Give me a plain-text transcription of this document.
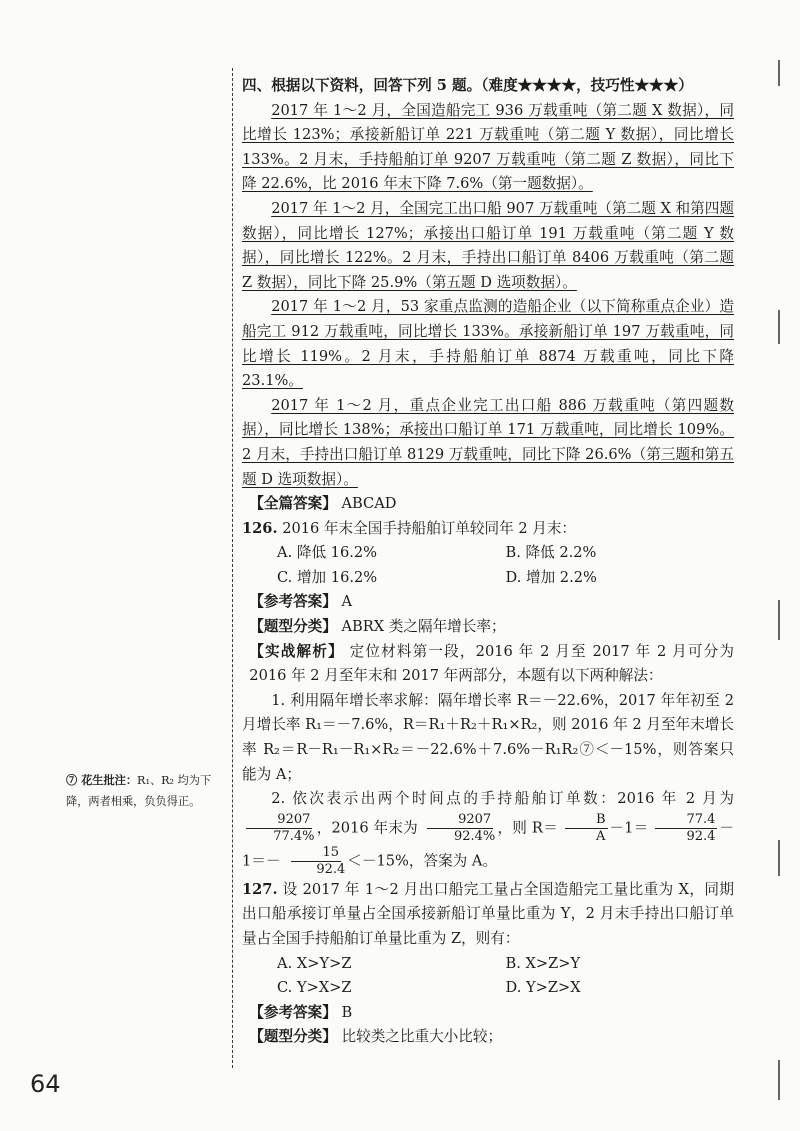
⑦ 花生批注：R₁、R₂ 均为下降，两者相乘，负负得正。

四、根据以下资料，回答下列 5 题。（难度★★★★，技巧性★★★）

2017 年 1～2 月，全国造船完工 936 万载重吨（第二题 X 数据），同比增长 123%；承接新船订单 221 万载重吨（第二题 Y 数据），同比增长 133%。2 月末，手持船舶订单 9207 万载重吨（第二题 Z 数据），同比下降 22.6%，比 2016 年末下降 7.6%（第一题数据）。

2017 年 1～2 月，全国完工出口船 907 万载重吨（第二题 X 和第四题数据），同比增长 127%；承接出口船订单 191 万载重吨（第二题 Y 数据），同比增长 122%。2 月末，手持出口船订单 8406 万载重吨（第二题 Z 数据），同比下降 25.9%（第五题 D 选项数据）。

2017 年 1～2 月，53 家重点监测的造船企业（以下简称重点企业）造船完工 912 万载重吨，同比增长 133%。承接新船订单 197 万载重吨，同比增长 119%。2 月末，手持船舶订单 8874 万载重吨，同比下降 23.1%。

2017 年 1～2 月，重点企业完工出口船 886 万载重吨（第四题数据），同比增长 138%；承接出口船订单 171 万载重吨，同比增长 109%。2 月末，手持出口船订单 8129 万载重吨，同比下降 26.6%（第三题和第五题 D 选项数据）。

【全篇答案】 ABCAD

126. 2016 年末全国手持船舶订单较同年 2 月末：

A. 降低 16.2%	B. 降低 2.2%
C. 增加 16.2%	D. 增加 2.2%

【参考答案】 A

【题型分类】 ABRX 类之隔年增长率；

【实战解析】 定位材料第一段，2016 年 2 月至 2017 年 2 月可分为 2016 年 2 月至年末和 2017 年两部分，本题有以下两种解法：

1. 利用隔年增长率求解：隔年增长率 R＝－22.6%，2017 年年初至 2 月增长率 R₁＝－7.6%，R＝R₁＋R₂＋R₁×R₂，则 2016 年 2 月至年末增长率 R₂＝R－R₁－R₁×R₂＝－22.6%＋7.6%－R₁R₂⑦＜－15%，则答案只能为 A；

2. 依次表示出两个时间点的手持船舶订单数：2016 年 2 月为
$\frac{9207}{77.4\%}$ ，2016 年末为 $\frac{9207}{92.4\%}$ ，则 $R= \frac{B}{A} -1= \frac{77.4}{92.4} -1=- \frac{15}{92.4} <-15\%$，答案为 A。

127. 设 2017 年 1～2 月出口船完工量占全国造船完工量比重为 X，同期出口船承接订单量占全国承接新船订单量比重为 Y，2 月末手持出口船订单量占全国手持船舶订单量比重为 Z，则有：

A. X>Y>Z	B. X>Z>Y
C. Y>X>Z	D. Y>Z>X

【参考答案】 B

【题型分类】 比较类之比重大小比较；

64
